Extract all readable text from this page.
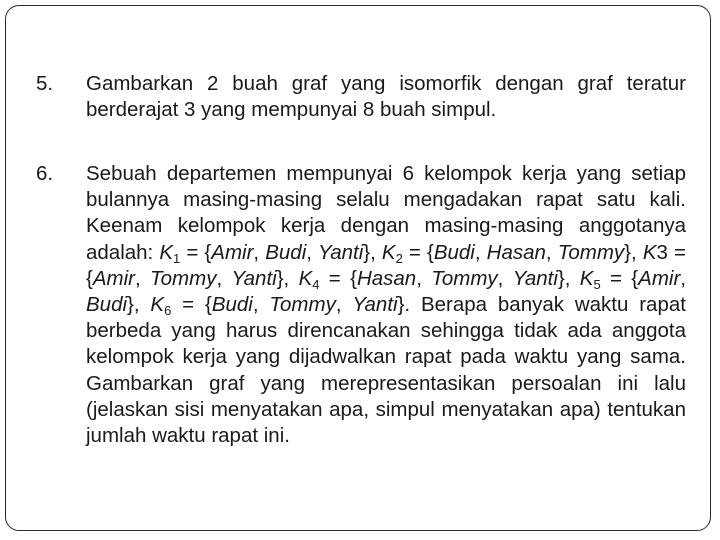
5.	Gambarkan 2 buah graf yang isomorfik dengan graf teratur berderajat 3 yang mempunyai 8 buah simpul.
6.	Sebuah departemen mempunyai 6 kelompok kerja yang setiap bulannya masing-masing selalu mengadakan rapat satu kali. Keenam kelompok kerja dengan masing-masing anggotanya adalah: $K_1$ = {Amir, Budi, Yanti}, $K_2$ = {Budi, Hasan, Tommy}, K3 = {Amir, Tommy, Yanti}, $K_4$ = {Hasan, Tommy, Yanti}, $K_5$ = {Amir, Budi}, $K_6$ = {Budi, Tommy, Yanti}. Berapa banyak waktu rapat berbeda yang harus direncanakan sehingga tidak ada anggota kelompok kerja yang dijadwalkan rapat pada waktu yang sama. Gambarkan graf yang merepresentasikan persoalan ini lalu (jelaskan sisi menyatakan apa, simpul menyatakan apa) tentukan jumlah waktu rapat ini.
